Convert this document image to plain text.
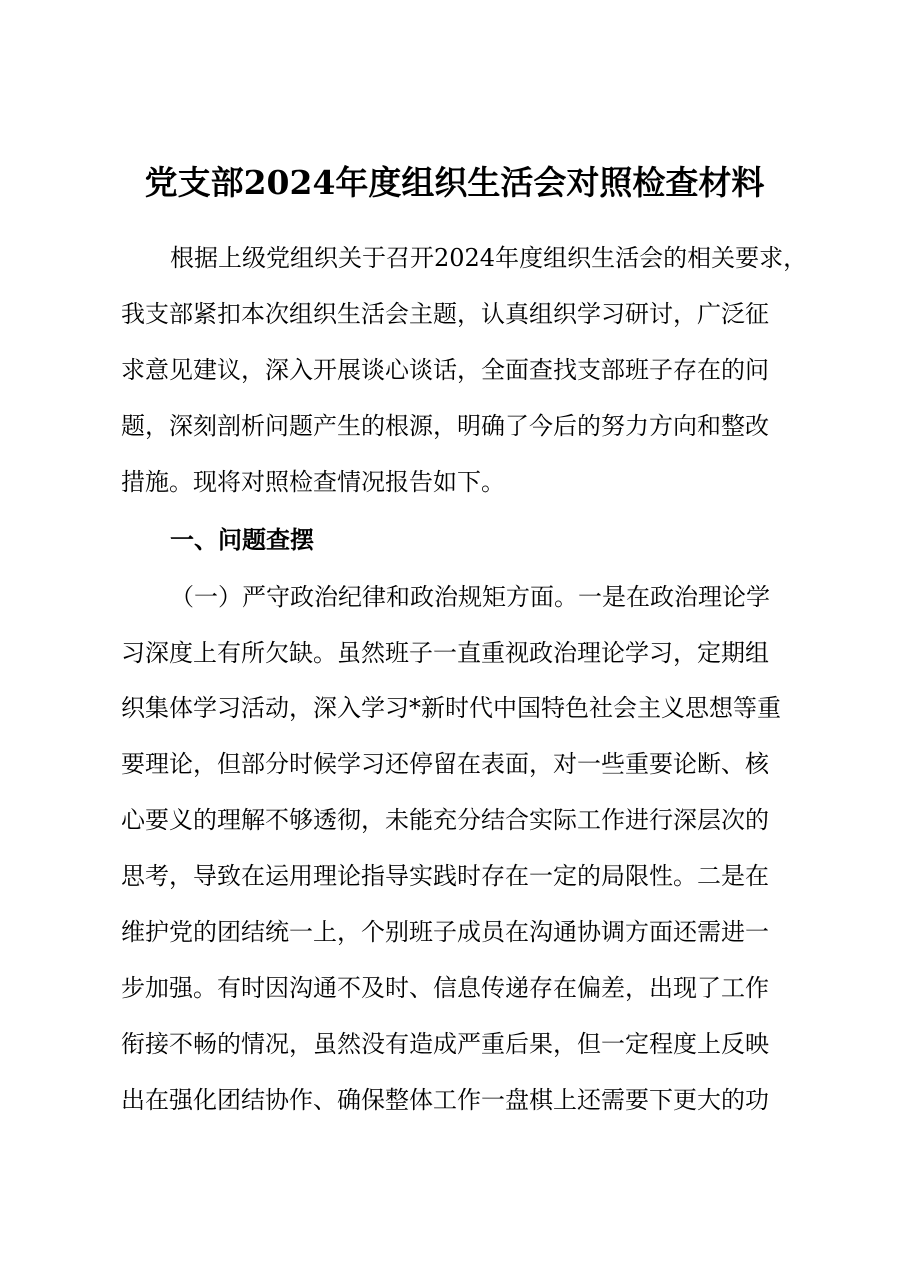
党支部2024年度组织生活会对照检查材料
根据上级党组织关于召开2024年度组织生活会的相关要求，
我支部紧扣本次组织生活会主题，认真组织学习研讨，广泛征
求意见建议，深入开展谈心谈话，全面查找支部班子存在的问
题，深刻剖析问题产生的根源，明确了今后的努力方向和整改
措施。现将对照检查情况报告如下。
一、问题查摆
（一）严守政治纪律和政治规矩方面。一是在政治理论学
习深度上有所欠缺。虽然班子一直重视政治理论学习，定期组
织集体学习活动，深入学习*新时代中国特色社会主义思想等重
要理论，但部分时候学习还停留在表面，对一些重要论断、核
心要义的理解不够透彻，未能充分结合实际工作进行深层次的
思考，导致在运用理论指导实践时存在一定的局限性。二是在
维护党的团结统一上，个别班子成员在沟通协调方面还需进一
步加强。有时因沟通不及时、信息传递存在偏差，出现了工作
衔接不畅的情况，虽然没有造成严重后果，但一定程度上反映
出在强化团结协作、确保整体工作一盘棋上还需要下更大的功
